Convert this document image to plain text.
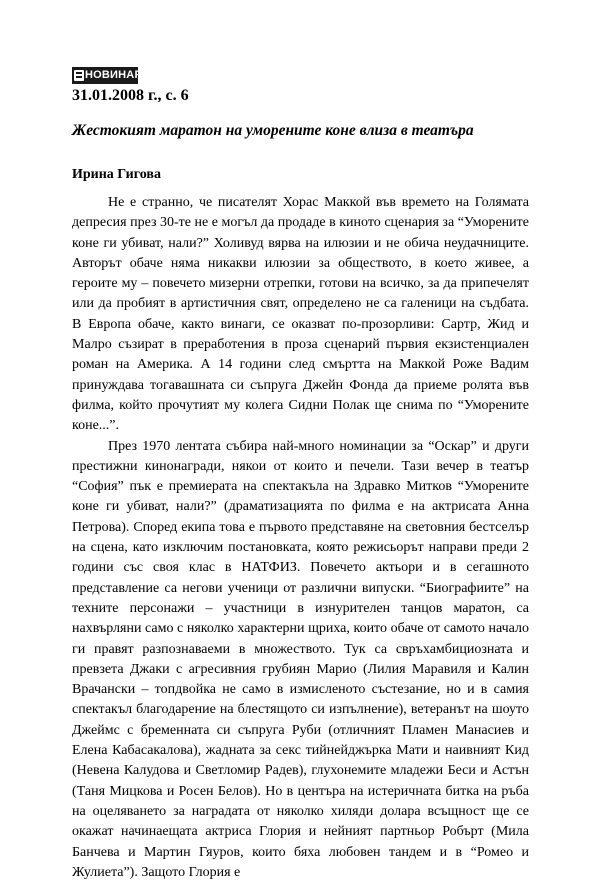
НОВИНАР
31.01.2008 г., с. 6
Жестокият маратон на уморените коне влиза в театъра
Ирина Гигова

Не е странно, че писателят Хорас Маккой във времето на Голямата депресия през 30-те не е могъл да продаде в киното сценария за “Уморените коне ги убиват, нали?” Холивуд вярва на илюзии и не обича неудачниците. Авторът обаче няма никакви илюзии за обществото, в което живее, а героите му – повечето мизерни отрепки, готови на всичко, за да припечелят или да пробият в артистичния свят, определено не са галеници на съдбата. В Европа обаче, както винаги, се оказват по-прозорливи: Сартр, Жид и Малро съзират в преработения в проза сценарий първия екзистенциален роман на Америка. А 14 години след смъртта на Маккой Роже Вадим принуждава тогавашната си съпруга Джейн Фонда да приеме ролята във филма, който прочутият му колега Сидни Полак ще снима по “Уморените коне...”.

През 1970 лентата събира най-много номинации за “Оскар” и други престижни кинонагради, някои от които и печели. Тази вечер в театър “София” пък е премиерата на спектакъла на Здравко Митков “Уморените коне ги убиват, нали?” (драматизацията по филма е на актрисата Анна Петрова). Според екипа това е първото представяне на световния бестселър на сцена, като изключим постановката, която режисьорът направи преди 2 години със своя клас в НАТФИЗ. Повечето актьори и в сегашното представление са негови ученици от различни випуски. “Биографиите” на техните персонажи – участници в изнурителен танцов маратон, са нахвърляни само с няколко характерни щриха, които обаче от самото начало ги правят разпознаваеми в множеството. Тук са свръхамбициозната и превзета Джаки с агресивния грубиян Марио (Лилия Маравиля и Калин Врачански – топдвойка не само в измисленото състезание, но и в самия спектакъл благодарение на блестящото си изпълнение), ветеранът на шоуто Джеймс с бременната си съпруга Руби (отличният Пламен Манасиев и Елена Кабасакалова), жадната за секс тийнейджърка Мати и наивният Кид (Невена Калудова и Светломир Радев), глухонемите младежи Беси и Астън (Таня Мицкова и Росен Белов). Но в центъра на истеричната битка на ръба на оцеляването за наградата от няколко хиляди долара всъщност ще се окажат начинаещата актриса Глория и нейният партньор Робърт (Мила Банчева и Мартин Гяуров, които бяха любовен тандем и в “Ромео и Жулиета”). Защото Глория е
